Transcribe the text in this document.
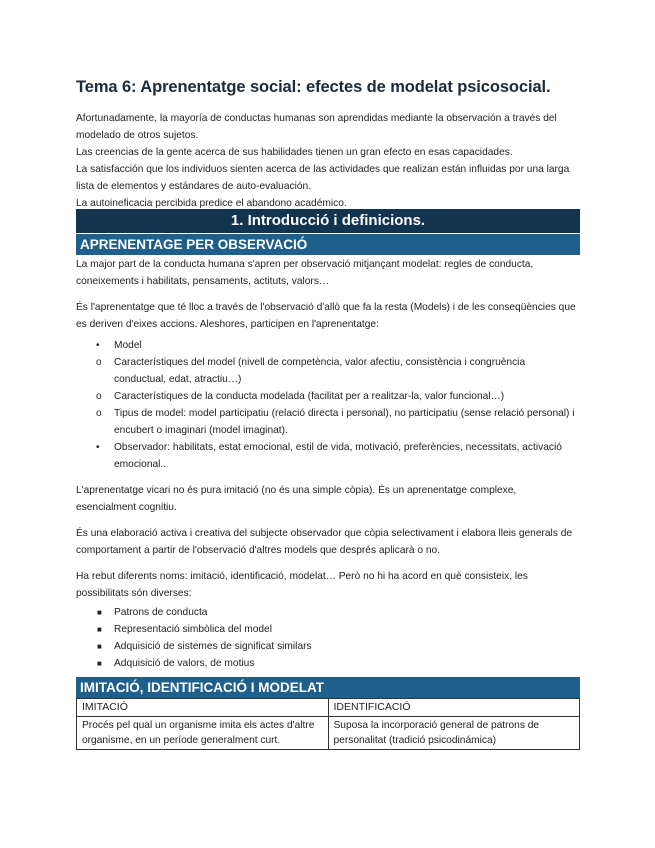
Tema 6: Aprenentatge social: efectes de modelat psicosocial.

Afortunadamente, la mayoría de conductas humanas son aprendidas mediante la observación a través del modelado de otros sujetos.

Las creencias de la gente acerca de sus habilidades tienen un gran efecto en esas capacidades.

La satisfacción que los individuos sienten acerca de las actividades que realizan están influidas por una larga lista de elementos y estándares de auto-evaluación.

La autoineficacia percibida predice el abandono académico.

1. Introducció i definicions.
APRENENTAGE PER OBSERVACIÓ

La major part de la conducta humana s'apren per observació mitjançant modelat: regles de conducta, coneixements i habilitats, pensaments, actituts, valors…

És l'aprenentatge que té lloc a través de l'observació d'allò que fa la resta (Models) i de les conseqüències que es deriven d'eixes accions. Aleshores, participen en l'aprenentatge:

•	Model
o	Característiques del model (nivell de competència, valor afectiu, consistència i congruència conductual, edat, atractiu…)
o	Característiques de la conducta modelada (facilitat per a realitzar-la, valor funcional…)
o	Tipus de model: model participatiu (relació directa i personal), no participatiu (sense relació personal) i encubert o imaginari (model imaginat).
•	Observador: habilitats, estat emocional, estil de vida, motivació, preferències, necessitats, activació emocional..

L'aprenentatge vicari no és pura imitació (no és una simple còpia). És un aprenentatge complexe, esencialment cognitiu.

És una elaboració activa i creativa del subjecte observador que còpia selectivament i elabora lleis generals de comportament a partir de l'observació d'altres models que després aplicarà o no.

Ha rebut diferents noms: imitació, identificació, modelat… Però no hi ha acord en què consisteix, les possibilitats són diverses:

■ Patrons de conducta
■ Representació simbòlica del model
■ Adquisició de sistemes de significat similars
■ Adquisició de valors, de motius
IMITACIÓ, IDENTIFICACIÓ I MODELAT
IMITACIÓ	IDENTIFICACIÓ
Procés pel qual un organisme imita els actes d'altre organisme, en un període generalment curt.	Suposa la incorporació general de patrons de personalitat (tradició psicodinámica)
